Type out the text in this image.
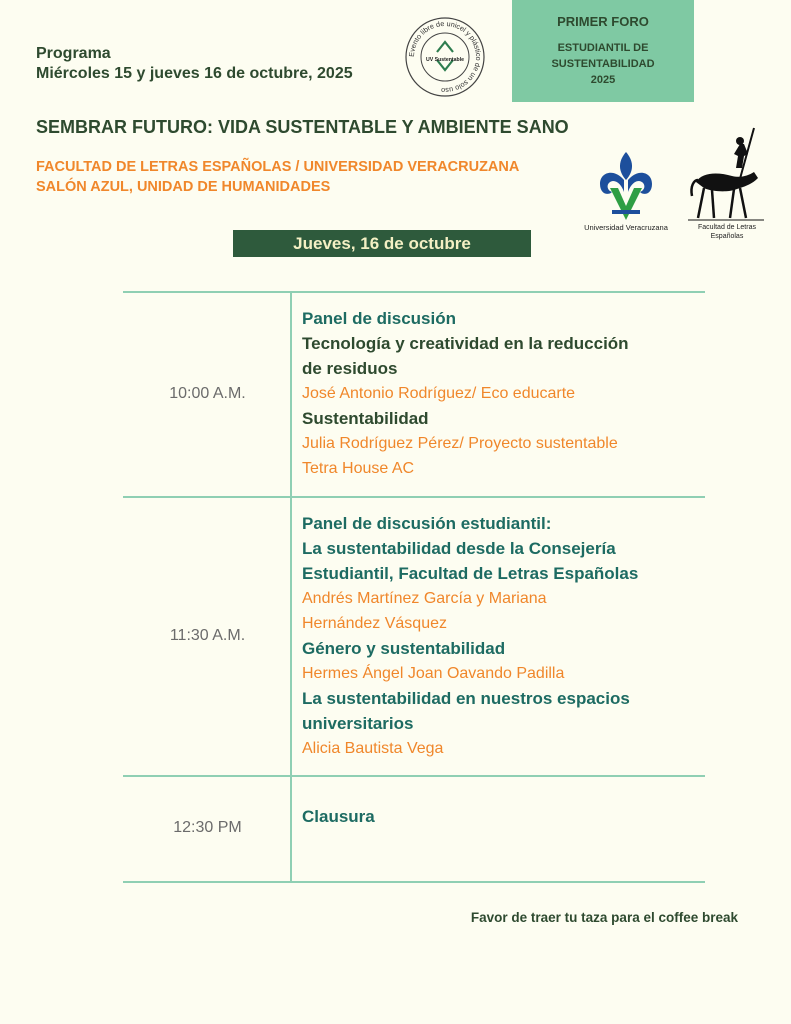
Programa
Miércoles 15 y jueves 16 de octubre, 2025
Evento libre de unicel y plástico de un solo uso
UV Sustentable
PRIMER FORO
ESTUDIANTIL DE
SUSTENTABILIDAD
2025
SEMBRAR FUTURO: VIDA SUSTENTABLE Y AMBIENTE SANO
FACULTAD DE LETRAS ESPAÑOLAS / UNIVERSIDAD VERACRUZANA
SALÓN AZUL, UNIDAD DE HUMANIDADES
Universidad Veracruzana	Facultad de Letras
Españolas
Jueves, 16 de octubre
10:00 A.M.
Panel de discusión
Tecnología y creatividad en la reducción
de residuos
José Antonio Rodríguez/ Eco educarte
Sustentabilidad
Julia Rodríguez Pérez/ Proyecto sustentable
Tetra House AC
11:30 A.M.
Panel de discusión estudiantil:
La sustentabilidad desde la Consejería
Estudiantil, Facultad de Letras Españolas
Andrés Martínez García y Mariana
Hernández Vásquez
Género y sustentabilidad
Hermes Ángel Joan Oavando Padilla
La sustentabilidad en nuestros espacios
universitarios
Alicia Bautista Vega
12:30 PM
Clausura
Favor de traer tu taza para el coffee break
